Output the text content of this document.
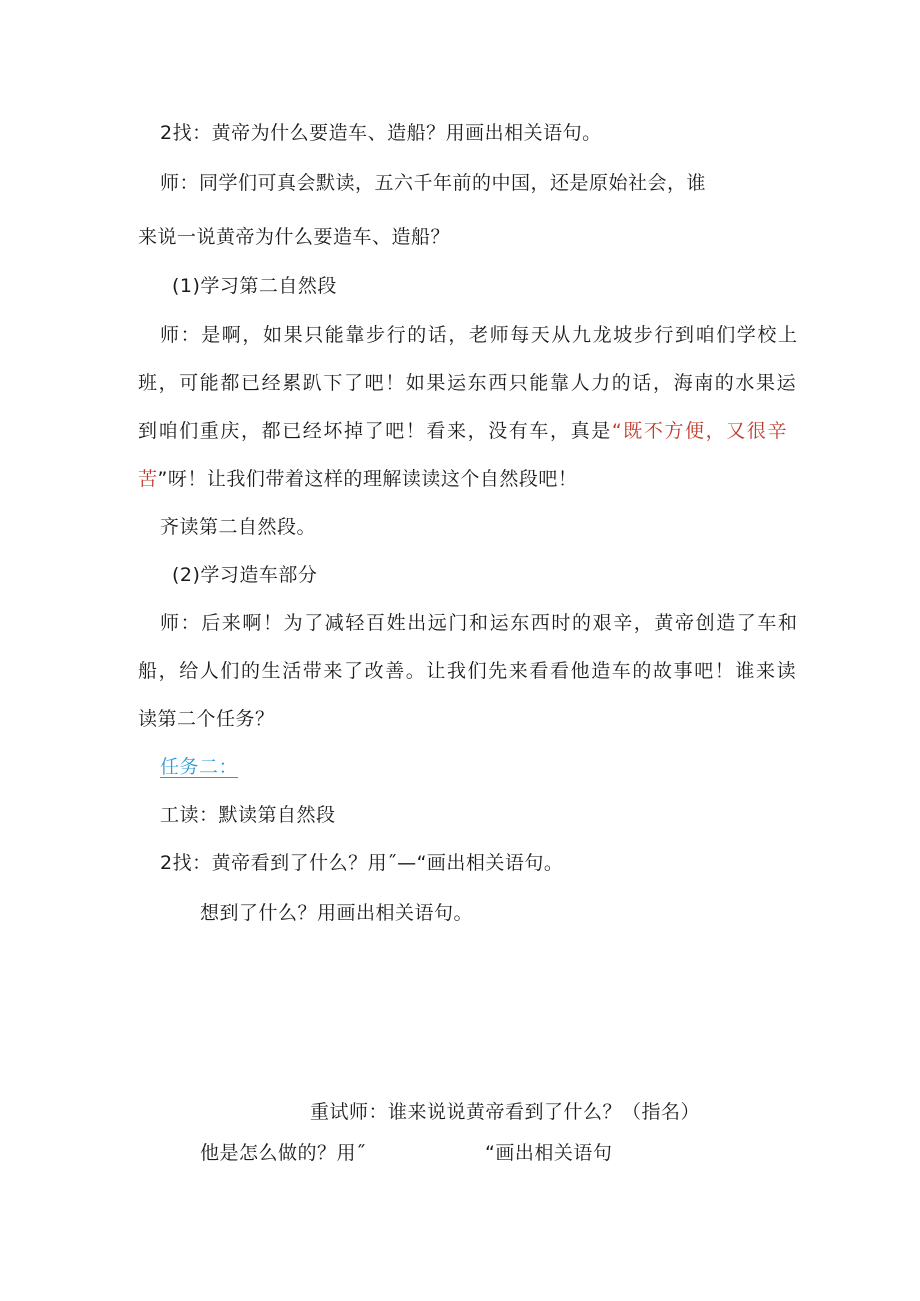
2找：黄帝为什么要造车、造船？用画出相关语句。
师：同学们可真会默读，五六千年前的中国，还是原始社会，谁
来说一说黄帝为什么要造车、造船？
(1)学习第二自然段
师：是啊，如果只能靠步行的话，老师每天从九龙坡步行到咱们学校上
班，可能都已经累趴下了吧！如果运东西只能靠人力的话，海南的水果运
到咱们重庆，都已经坏掉了吧！看来，没有车，真是“既不方便，又很辛
苦”呀！让我们带着这样的理解读读这个自然段吧！
齐读第二自然段。
(2)学习造车部分
师：后来啊！为了减轻百姓出远门和运东西时的艰辛，黄帝创造了车和
船，给人们的生活带来了改善。让我们先来看看他造车的故事吧！谁来读
读第二个任务？
任务二：
工读：默读第自然段
2找：黄帝看到了什么？用˝—“画出相关语句。
想到了什么？用画出相关语句。
重试师：谁来说说黄帝看到了什么？（指名）
他是怎么做的？用˝	“画出相关语句
